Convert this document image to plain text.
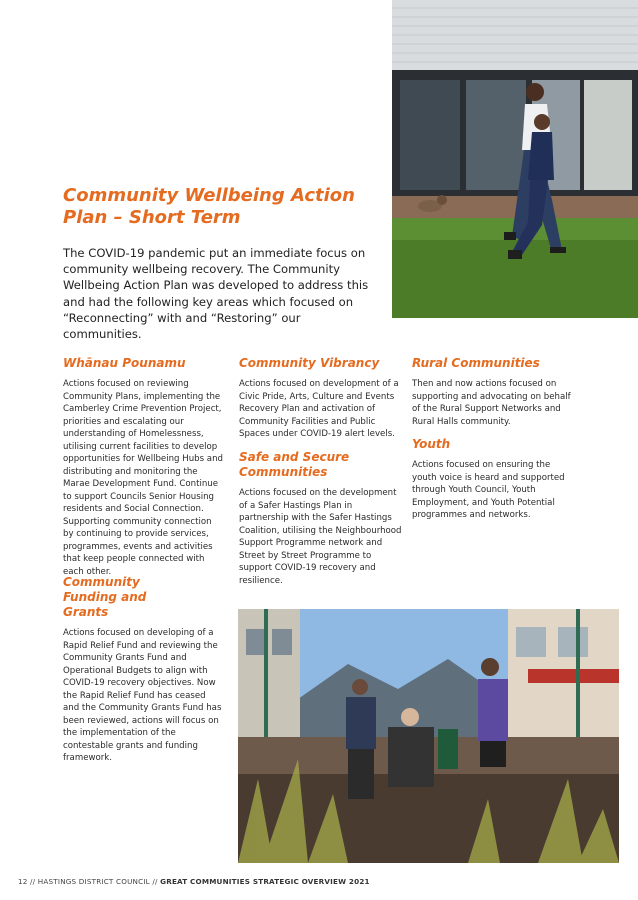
Community Wellbeing Action Plan – Short Term

The COVID-19 pandemic put an immediate focus on community wellbeing recovery. The Community Wellbeing Action Plan was developed to address this and had the following key areas which focused on “Reconnecting” with and “Restoring” our communities.

Whānau Pounamu

Actions focused on reviewing Community Plans, implementing the Camberley Crime Prevention Project, priorities and escalating our understanding of Homelessness, utilising current facilities to develop opportunities for Wellbeing Hubs and distributing and monitoring the Marae Development Fund. Continue to support Councils Senior Housing residents and Social Connection. Supporting community connection by continuing to provide services, programmes, events and activities that keep people connected with each other.

Community Vibrancy

Actions focused on development of a Civic Pride, Arts, Culture and Events Recovery Plan and activation of Community Facilities and Public Spaces under COVID-19 alert levels.

Safe and Secure Communities

Actions focused on the development of a Safer Hastings Plan in partnership with the Safer Hastings Coalition, utilising the Neighbourhood Support Programme network and Street by Street Programme to support COVID-19 recovery and resilience.

Rural Communities

Then and now actions focused on supporting and advocating on behalf of the Rural Support Networks and Rural Halls community.

Youth

Actions focused on ensuring the youth voice is heard and supported through Youth Council, Youth Employment, and Youth Potential programmes and networks.

Community Funding and Grants

Actions focused on developing of a Rapid Relief Fund and reviewing the Community Grants Fund and Operational Budgets to align with COVID-19 recovery objectives. Now the Rapid Relief Fund has ceased and the Community Grants Fund has been reviewed, actions will focus on the implementation of the contestable grants and funding framework.

12 // HASTINGS DISTRICT COUNCIL // GREAT COMMUNITIES STRATEGIC OVERVIEW 2021
